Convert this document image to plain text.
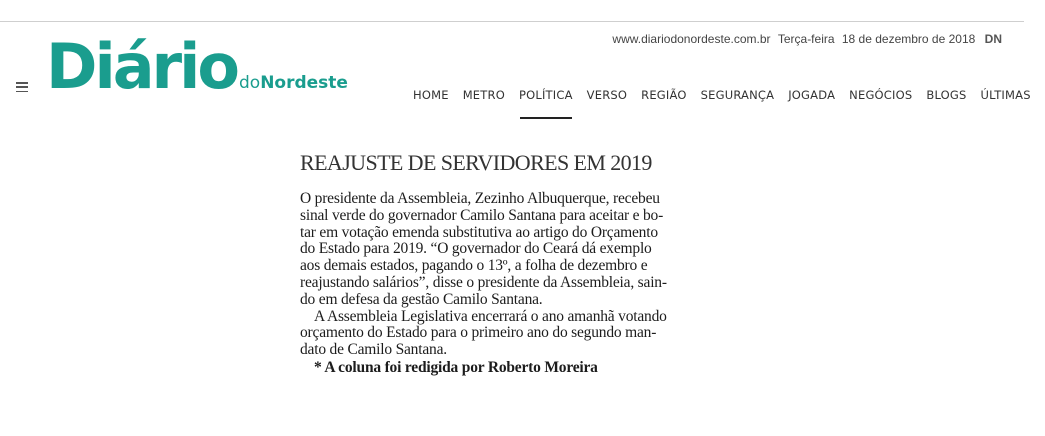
www.diariodonordeste.com.br Terça-feira 18 de dezembro de 2018 DN
Diário doNordeste
HOME METRO POLÍTICA VERSO REGIÃO SEGURANÇA JOGADA NEGÓCIOS BLOGS ÚLTIMAS
REAJUSTE DE SERVIDORES EM 2019

O presidente da Assembleia, Zezinho Albuquerque, recebeu

sinal verde do governador Camilo Santana para aceitar e bo-

tar em votação emenda substitutiva ao artigo do Orçamento

do Estado para 2019. “O governador do Ceará dá exemplo

aos demais estados, pagando o 13º, a folha de dezembro e

reajustando salários”, disse o presidente da Assembleia, sain-

do em defesa da gestão Camilo Santana.

A Assembleia Legislativa encerrará o ano amanhã votando

orçamento do Estado para o primeiro ano do segundo man-

dato de Camilo Santana.

* A coluna foi redigida por Roberto Moreira
